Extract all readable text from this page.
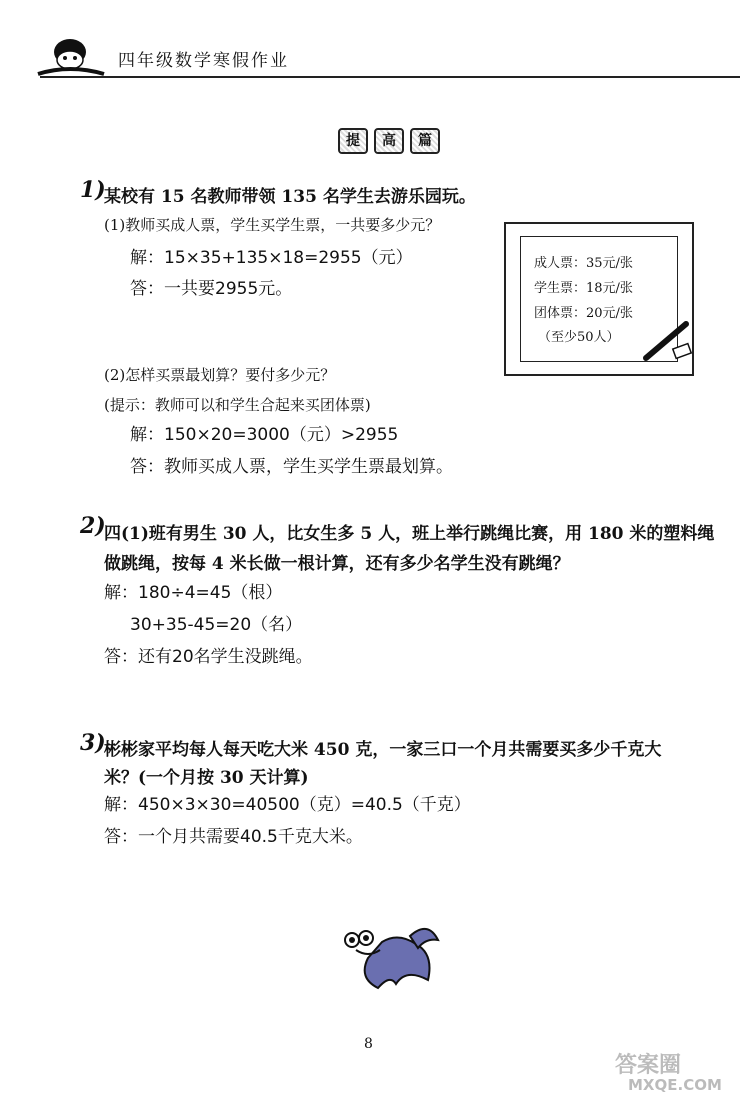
四年级数学寒假作业
提	高	篇
1)
某校有 15 名教师带领 135 名学生去游乐园玩。
(1)教师买成人票，学生买学生票，一共要多少元？
解：15×35+135×18=2955（元）
答：一共要2955元。
成人票：35元/张
学生票：18元/张
团体票：20元/张
（至少50人）
(2)怎样买票最划算？要付多少元？
(提示：教师可以和学生合起来买团体票)
解：150×20=3000（元）>2955
答：教师买成人票，学生买学生票最划算。
2)
四(1)班有男生 30 人，比女生多 5 人，班上举行跳绳比赛，用 180 米的塑料绳
做跳绳，按每 4 米长做一根计算，还有多少名学生没有跳绳？
解：180÷4=45（根）
30+35-45=20（名）
答：还有20名学生没跳绳。
3)
彬彬家平均每人每天吃大米 450 克，一家三口一个月共需要买多少千克大
米？(一个月按 30 天计算)
解：450×3×30=40500（克）=40.5（千克）
答：一个月共需要40.5千克大米。
8
答案圈
MXQE.COM
